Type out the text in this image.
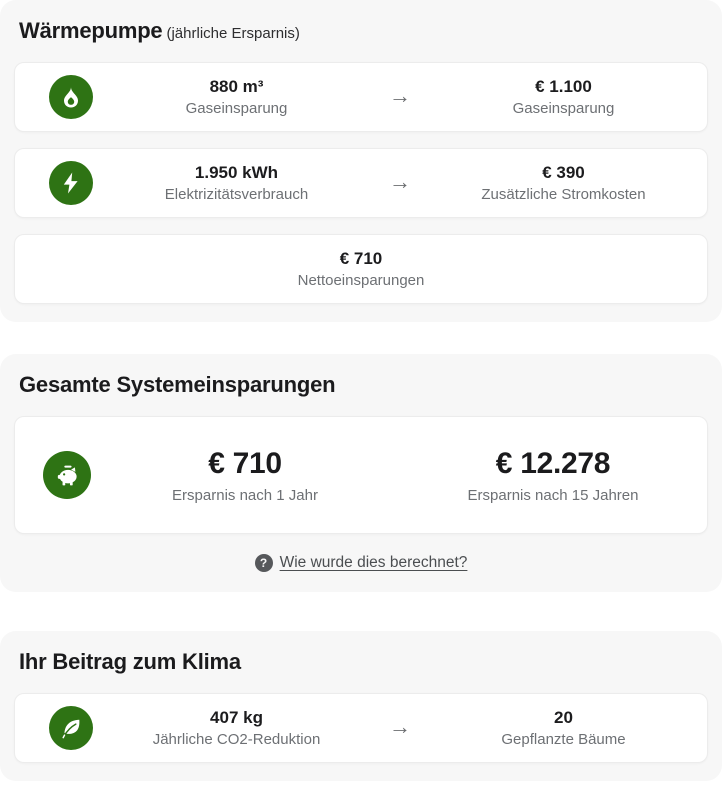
Wärmepumpe (jährliche Ersparnis)
880 m³
Gaseinsparung
→	€ 1.100
Gaseinsparung
1.950 kWh
Elektrizitätsverbrauch
→	€ 390
Zusätzliche Stromkosten
€ 710
Nettoeinsparungen
Gesamte Systemeinsparungen
€ 710
Ersparnis nach 1 Jahr
€ 12.278
Ersparnis nach 15 Jahren
? Wie wurde dies berechnet?
Ihr Beitrag zum Klima
407 kg
Jährliche CO2-Reduktion
→	20
Gepflanzte Bäume
